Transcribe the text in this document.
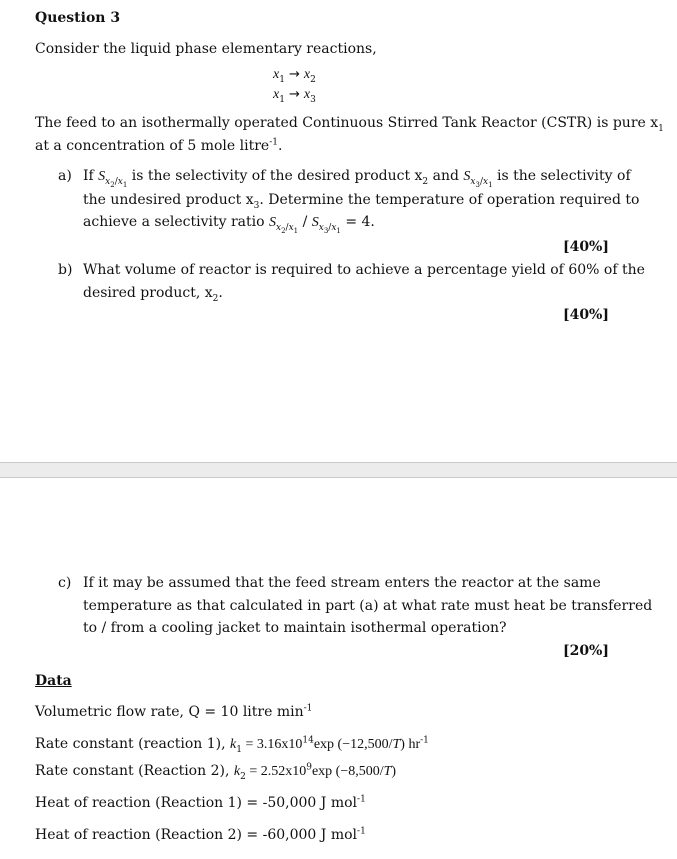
Question 3
Consider the liquid phase elementary reactions,
$x_1 \to x_2$
$x_1 \to x_3$
The feed to an isothermally operated Continuous Stirred Tank Reactor (CSTR) is pure $x_1$
at a concentration of 5 mole litre$^{-1}$.
a) If $S_{x_2/x_1}$ is the selectivity of the desired product $x_2$ and $S_{x_3/x_1}$ is the selectivity of
the undesired product $x_3$. Determine the temperature of operation required to
achieve a selectivity ratio $S_{x_2/x_1} / S_{x_3/x_1} = 4$.
[40%]
b) What volume of reactor is required to achieve a percentage yield of 60% of the
desired product, $x_2$.
[40%]
c) If it may be assumed that the feed stream enters the reactor at the same
temperature as that calculated in part (a) at what rate must heat be transferred
to / from a cooling jacket to maintain isothermal operation?
[20%]
Data
Volumetric flow rate, Q = 10 litre $\min^{-1}$
Rate constant (reaction 1), $k_1 = 3.16x10^{14}\exp$ (−12,500/T) $hr^{-1}$
Rate constant (Reaction 2), $k_2 = 2.52x10^9\exp$ (−8,500/T)
Heat of reaction (Reaction 1) = -50,000 J mol$^{-1}$
Heat of reaction (Reaction 2) = -60,000 J mol$^{-1}$
